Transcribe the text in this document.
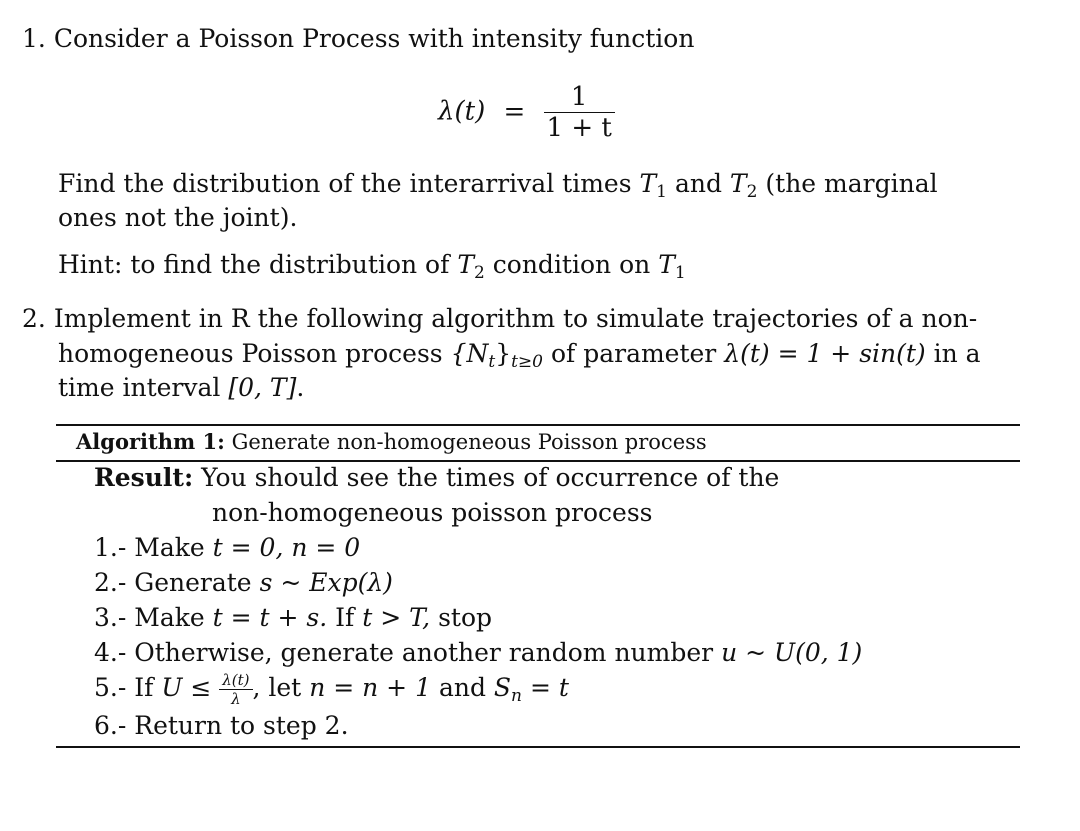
1. Consider a Poisson Process with intensity function
$\lambda(t) = \frac{1}{1 + t}$
Find the distribution of the interarrival times $T_1$ and $T_2$ (the marginal
ones not the joint).
Hint: to find the distribution of $T_2$ condition on $T_1$
2. Implement in R the following algorithm to simulate trajectories of a non-
homogeneous Poisson process $\{N_t\}_{t\ge 0}$ of parameter λ(t) = 1 + sin(t) in a
time interval [0, T].
Algorithm 1: Generate non-homogeneous Poisson process
Result: You should see the times of occurrence of the
non-homogeneous poisson process
1.- Make t = 0, n = 0
2.- Generate s ~ Exp(λ)
3.- Make t = t + s. If t > T, stop
4.- Otherwise, generate another random number u ~ U(0, 1)
5.- If $U \le \frac{\lambda(t)}{\lambda}$ , let n = n + 1 and $S_n = t$
6.- Return to step 2.
